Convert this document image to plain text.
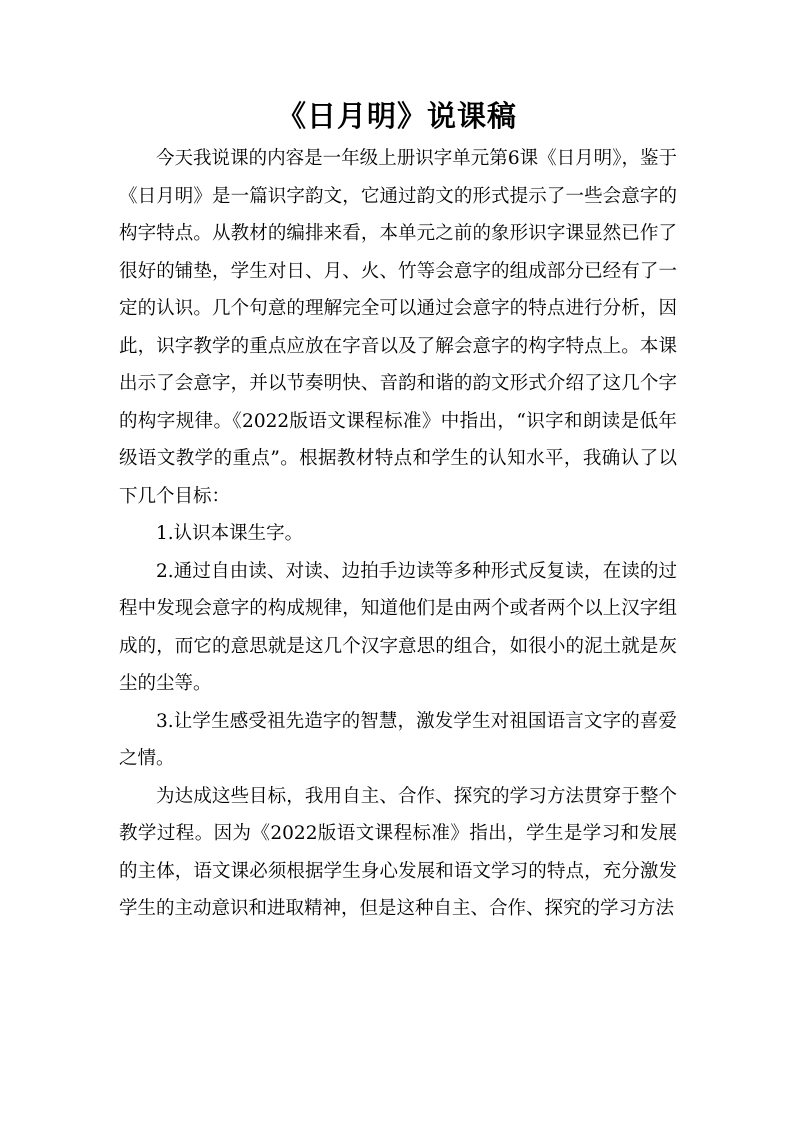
《日月明》说课稿

今天我说课的内容是一年级上册识字单元第6课《日月明》，鉴于《日月明》是一篇识字韵文，它通过韵文的形式提示了一些会意字的构字特点。从教材的编排来看，本单元之前的象形识字课显然已作了很好的铺垫，学生对日、月、火、竹等会意字的组成部分已经有了一定的认识。几个句意的理解完全可以通过会意字的特点进行分析，因此，识字教学的重点应放在字音以及了解会意字的构字特点上。本课出示了会意字，并以节奏明快、音韵和谐的韵文形式介绍了这几个字的构字规律。《2022版语文课程标准》中指出，“识字和朗读是低年级语文教学的重点”。根据教材特点和学生的认知水平，我确认了以下几个目标：

1.认识本课生字。

2.通过自由读、对读、边拍手边读等多种形式反复读，在读的过程中发现会意字的构成规律，知道他们是由两个或者两个以上汉字组成的，而它的意思就是这几个汉字意思的组合，如很小的泥土就是灰尘的尘等。

3.让学生感受祖先造字的智慧，激发学生对祖国语言文字的喜爱之情。

为达成这些目标，我用自主、合作、探究的学习方法贯穿于整个教学过程。因为《2022版语文课程标准》指出，学生是学习和发展的主体，语文课必须根据学生身心发展和语文学习的特点，充分激发学生的主动意识和进取精神，但是这种自主、合作、探究的学习方法
